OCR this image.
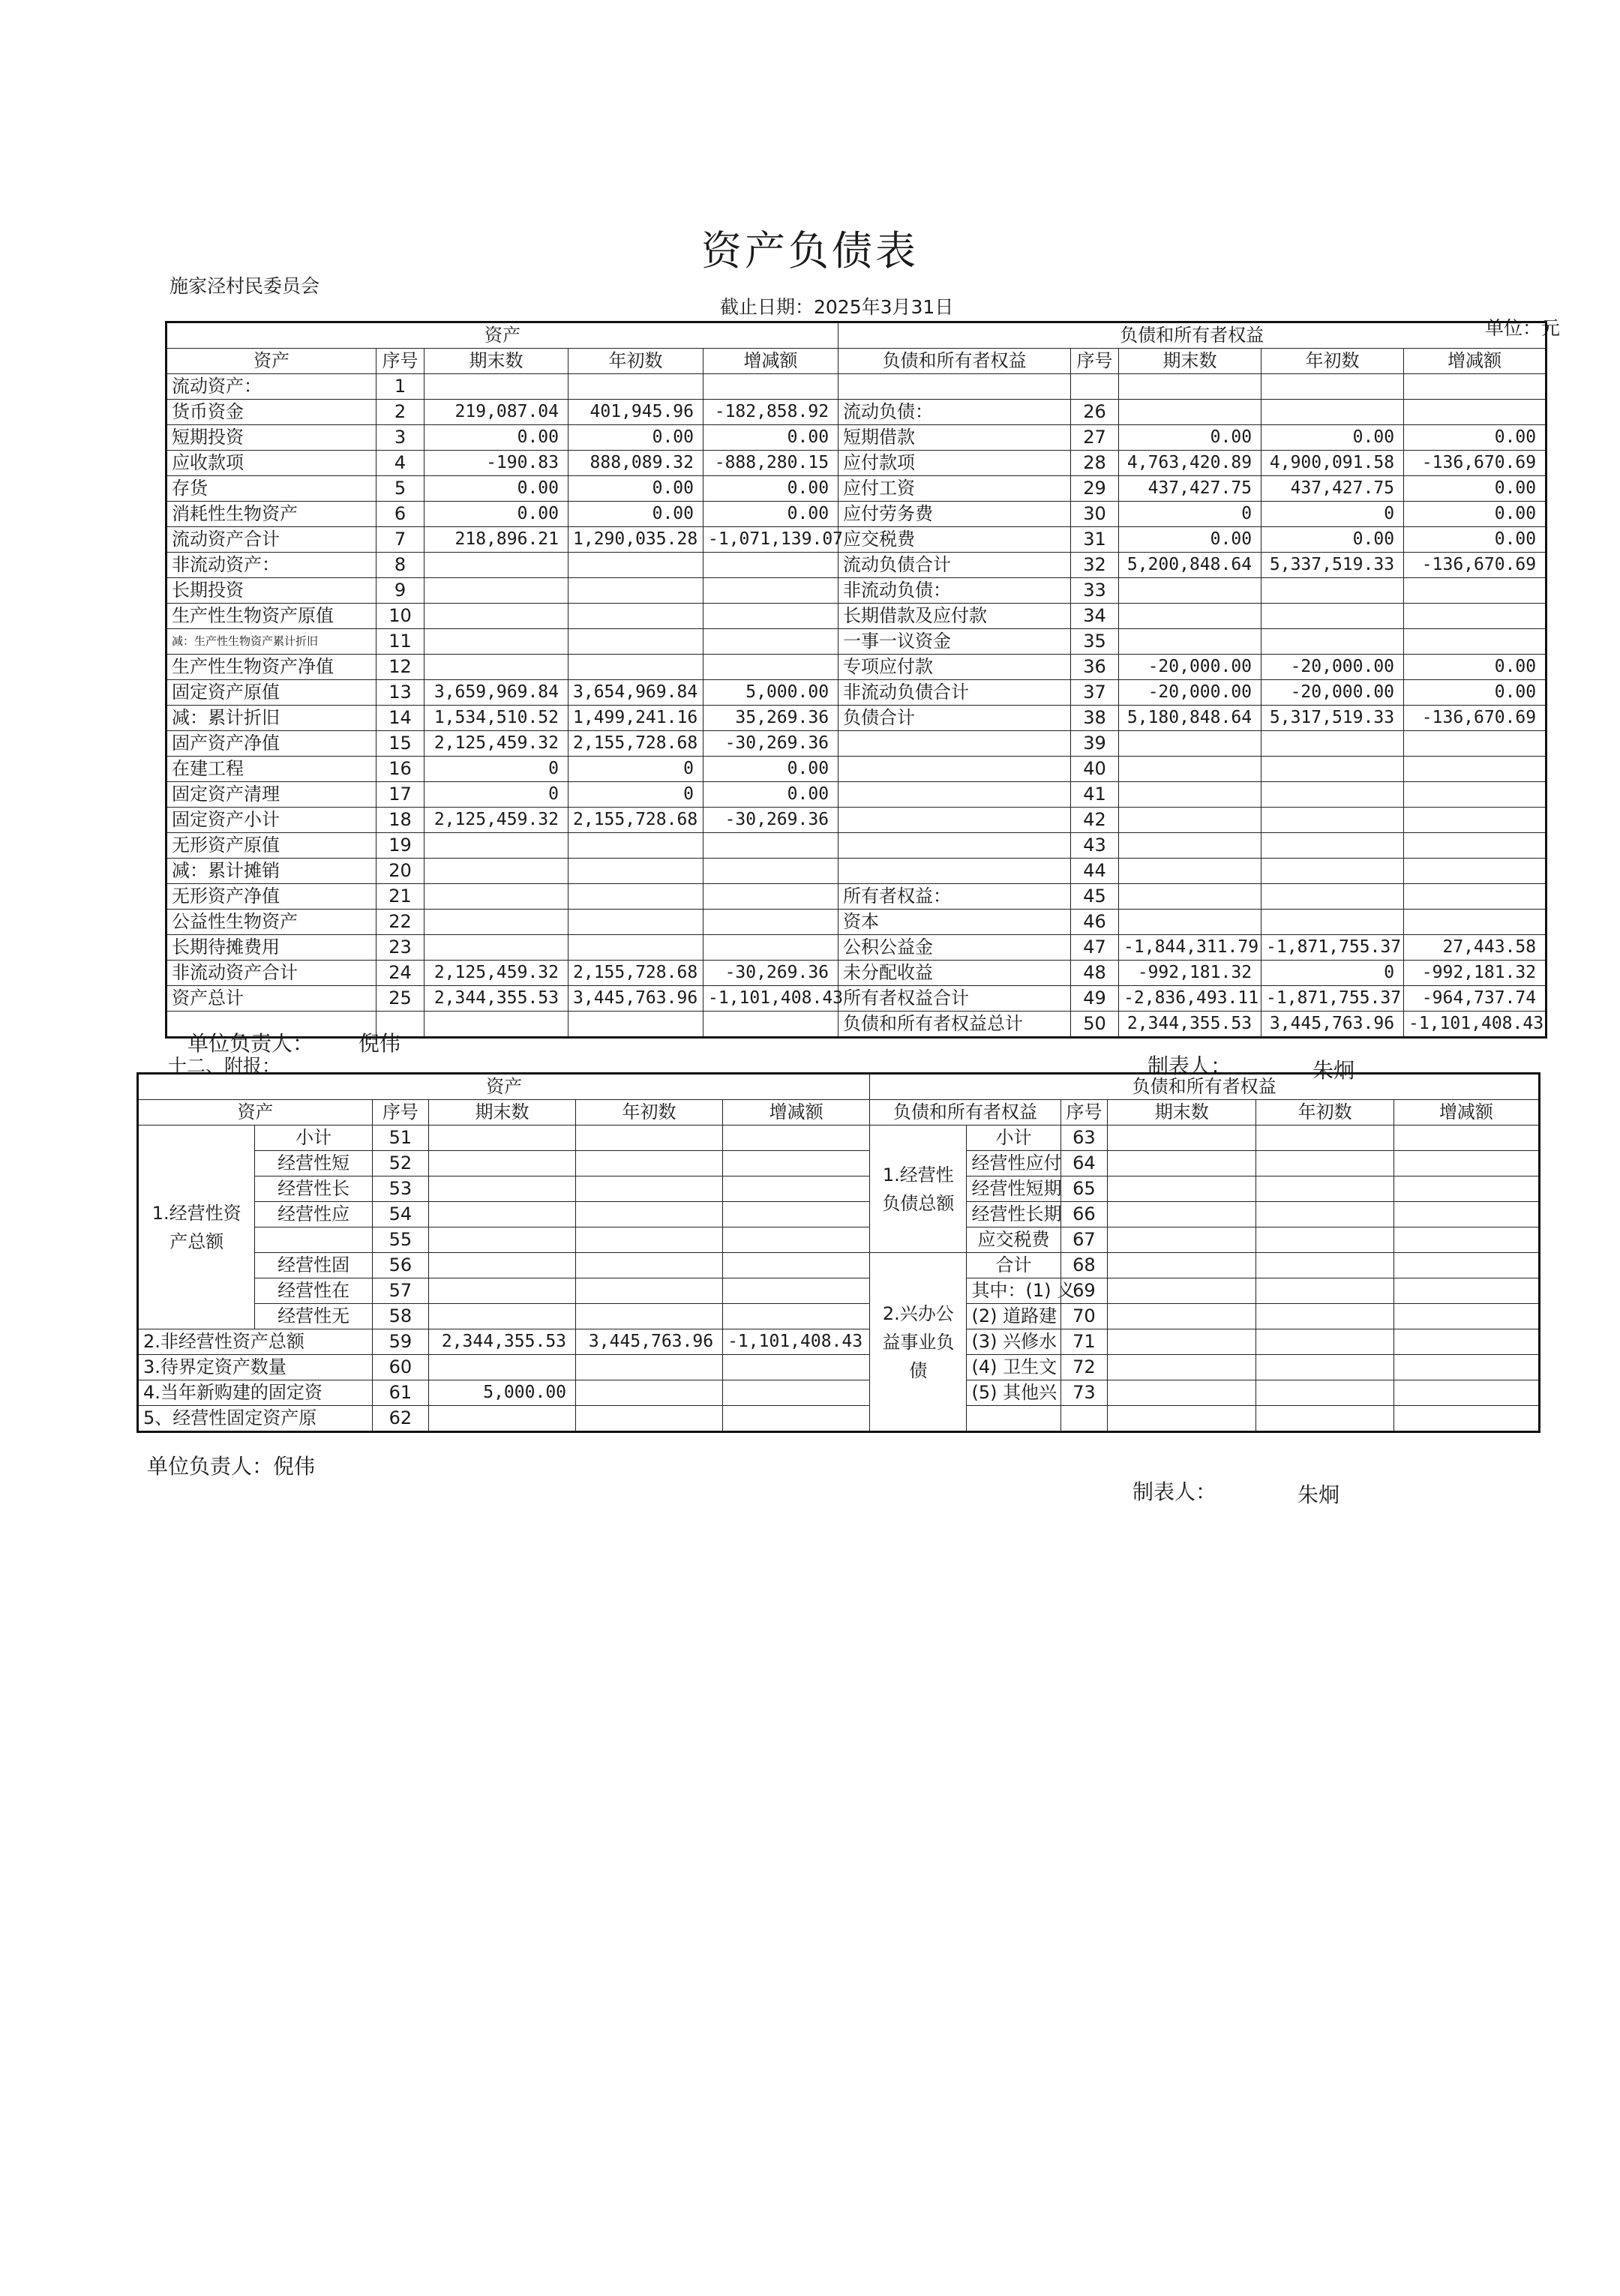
资产负债表
施家泾村民委员会
截止日期：2025年3月31日
单位：元
资产					负债和所有者权益				
资产	序号	期末数	年初数	增减额	负债和所有者权益	序号	期末数	年初数	增减额
流动资产：	1								
货币资金	2	219,087.04	401,945.96	-182,858.92	流动负债：	26			
短期投资	3	0.00	0.00	0.00	短期借款	27	0.00	0.00	0.00
应收款项	4	-190.83	888,089.32	-888,280.15	应付款项	28	4,763,420.89	4,900,091.58	-136,670.69
存货	5	0.00	0.00	0.00	应付工资	29	437,427.75	437,427.75	0.00
消耗性生物资产	6	0.00	0.00	0.00	应付劳务费	30	0	0	0.00
流动资产合计	7	218,896.21	1,290,035.28	-1,071,139.07	应交税费	31	0.00	0.00	0.00
非流动资产：	8				流动负债合计	32	5,200,848.64	5,337,519.33	-136,670.69
长期投资	9				非流动负债：	33			
生产性生物资产原值	10				长期借款及应付款	34			
减：生产性生物资产累计折旧	11				一事一议资金	35			
生产性生物资产净值	12				专项应付款	36	-20,000.00	-20,000.00	0.00
固定资产原值	13	3,659,969.84	3,654,969.84	5,000.00	非流动负债合计	37	-20,000.00	-20,000.00	0.00
减：累计折旧	14	1,534,510.52	1,499,241.16	35,269.36	负债合计	38	5,180,848.64	5,317,519.33	-136,670.69
固产资产净值	15	2,125,459.32	2,155,728.68	-30,269.36		39			
在建工程	16	0	0	0.00		40			
固定资产清理	17	0	0	0.00		41			
固定资产小计	18	2,125,459.32	2,155,728.68	-30,269.36		42			
无形资产原值	19					43			
减：累计摊销	20					44			
无形资产净值	21				所有者权益：	45			
公益性生物资产	22				资本	46			
长期待摊费用	23				公积公益金	47	-1,844,311.79	-1,871,755.37	27,443.58
非流动资产合计	24	2,125,459.32	2,155,728.68	-30,269.36	未分配收益	48	-992,181.32	0	-992,181.32
资产总计	25	2,344,355.53	3,445,763.96	-1,101,408.43	所有者权益合计	49	-2,836,493.11	-1,871,755.37	-964,737.74
					负债和所有者权益总计	50	2,344,355.53	3,445,763.96	-1,101,408.43
单位负责人： 倪伟
制表人：	朱炯
十二、附报：
资产						负债和所有者权益					
资产		序号	期末数	年初数	增减额	负债和所有者权益		序号	期末数	年初数	增减额
1.经营性资产总额	小计	51				1.经营性负债总额	小计	63			
	经营性短	52					经营性应付	64			
	经营性长	53					经营性短期	65			
	经营性应	54					经营性长期	66			
		55					应交税费	67			
	经营性固	56				2.兴办公益事业负债	合计	68			
	经营性在	57					其中：(1) 义	69			
	经营性无	58					(2) 道路建	70			
2.非经营性资产总额		59	2,344,355.53	3,445,763.96	-1,101,408.43		(3) 兴修水	71			
3.待界定资产数量		60					(4) 卫生文	72			
4.当年新购建的固定资		61	5,000.00				(5) 其他兴	73			
5、经营性固定资产原		62									
单位负责人：倪伟
制表人：	朱炯
